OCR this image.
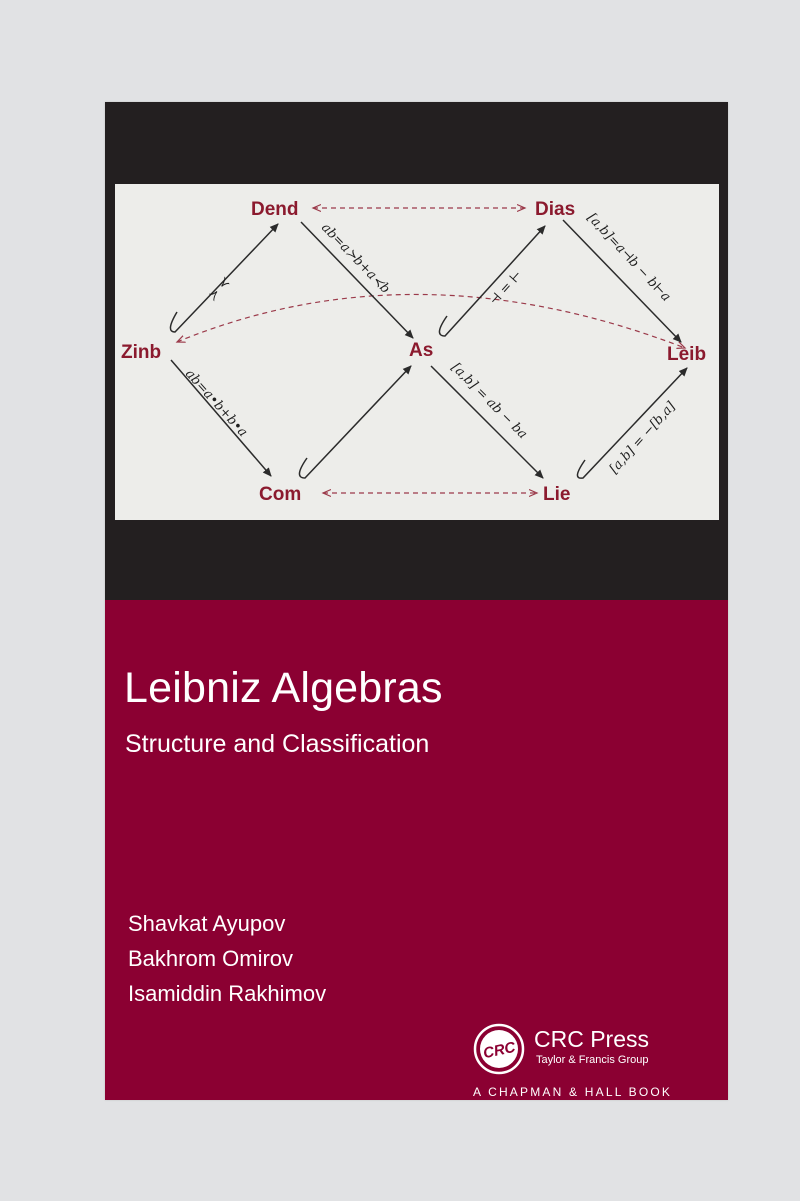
≻ ≺	ab=a≻b+a≺b	⊣ = ⊢	[a,b]=a⊣b − b⊢a
ab=a•b+b•a	[a,b] = ab − ba	[a,b] = −[b,a]
Dend	Dias
Zinb	As	Leib
Com	Lie
Leibniz Algebras
Structure and Classification
Shavkat Ayupov
Bakhrom Omirov
Isamiddin Rakhimov
CRC CRC Press
Taylor & Francis Group
A CHAPMAN & HALL BOOK
